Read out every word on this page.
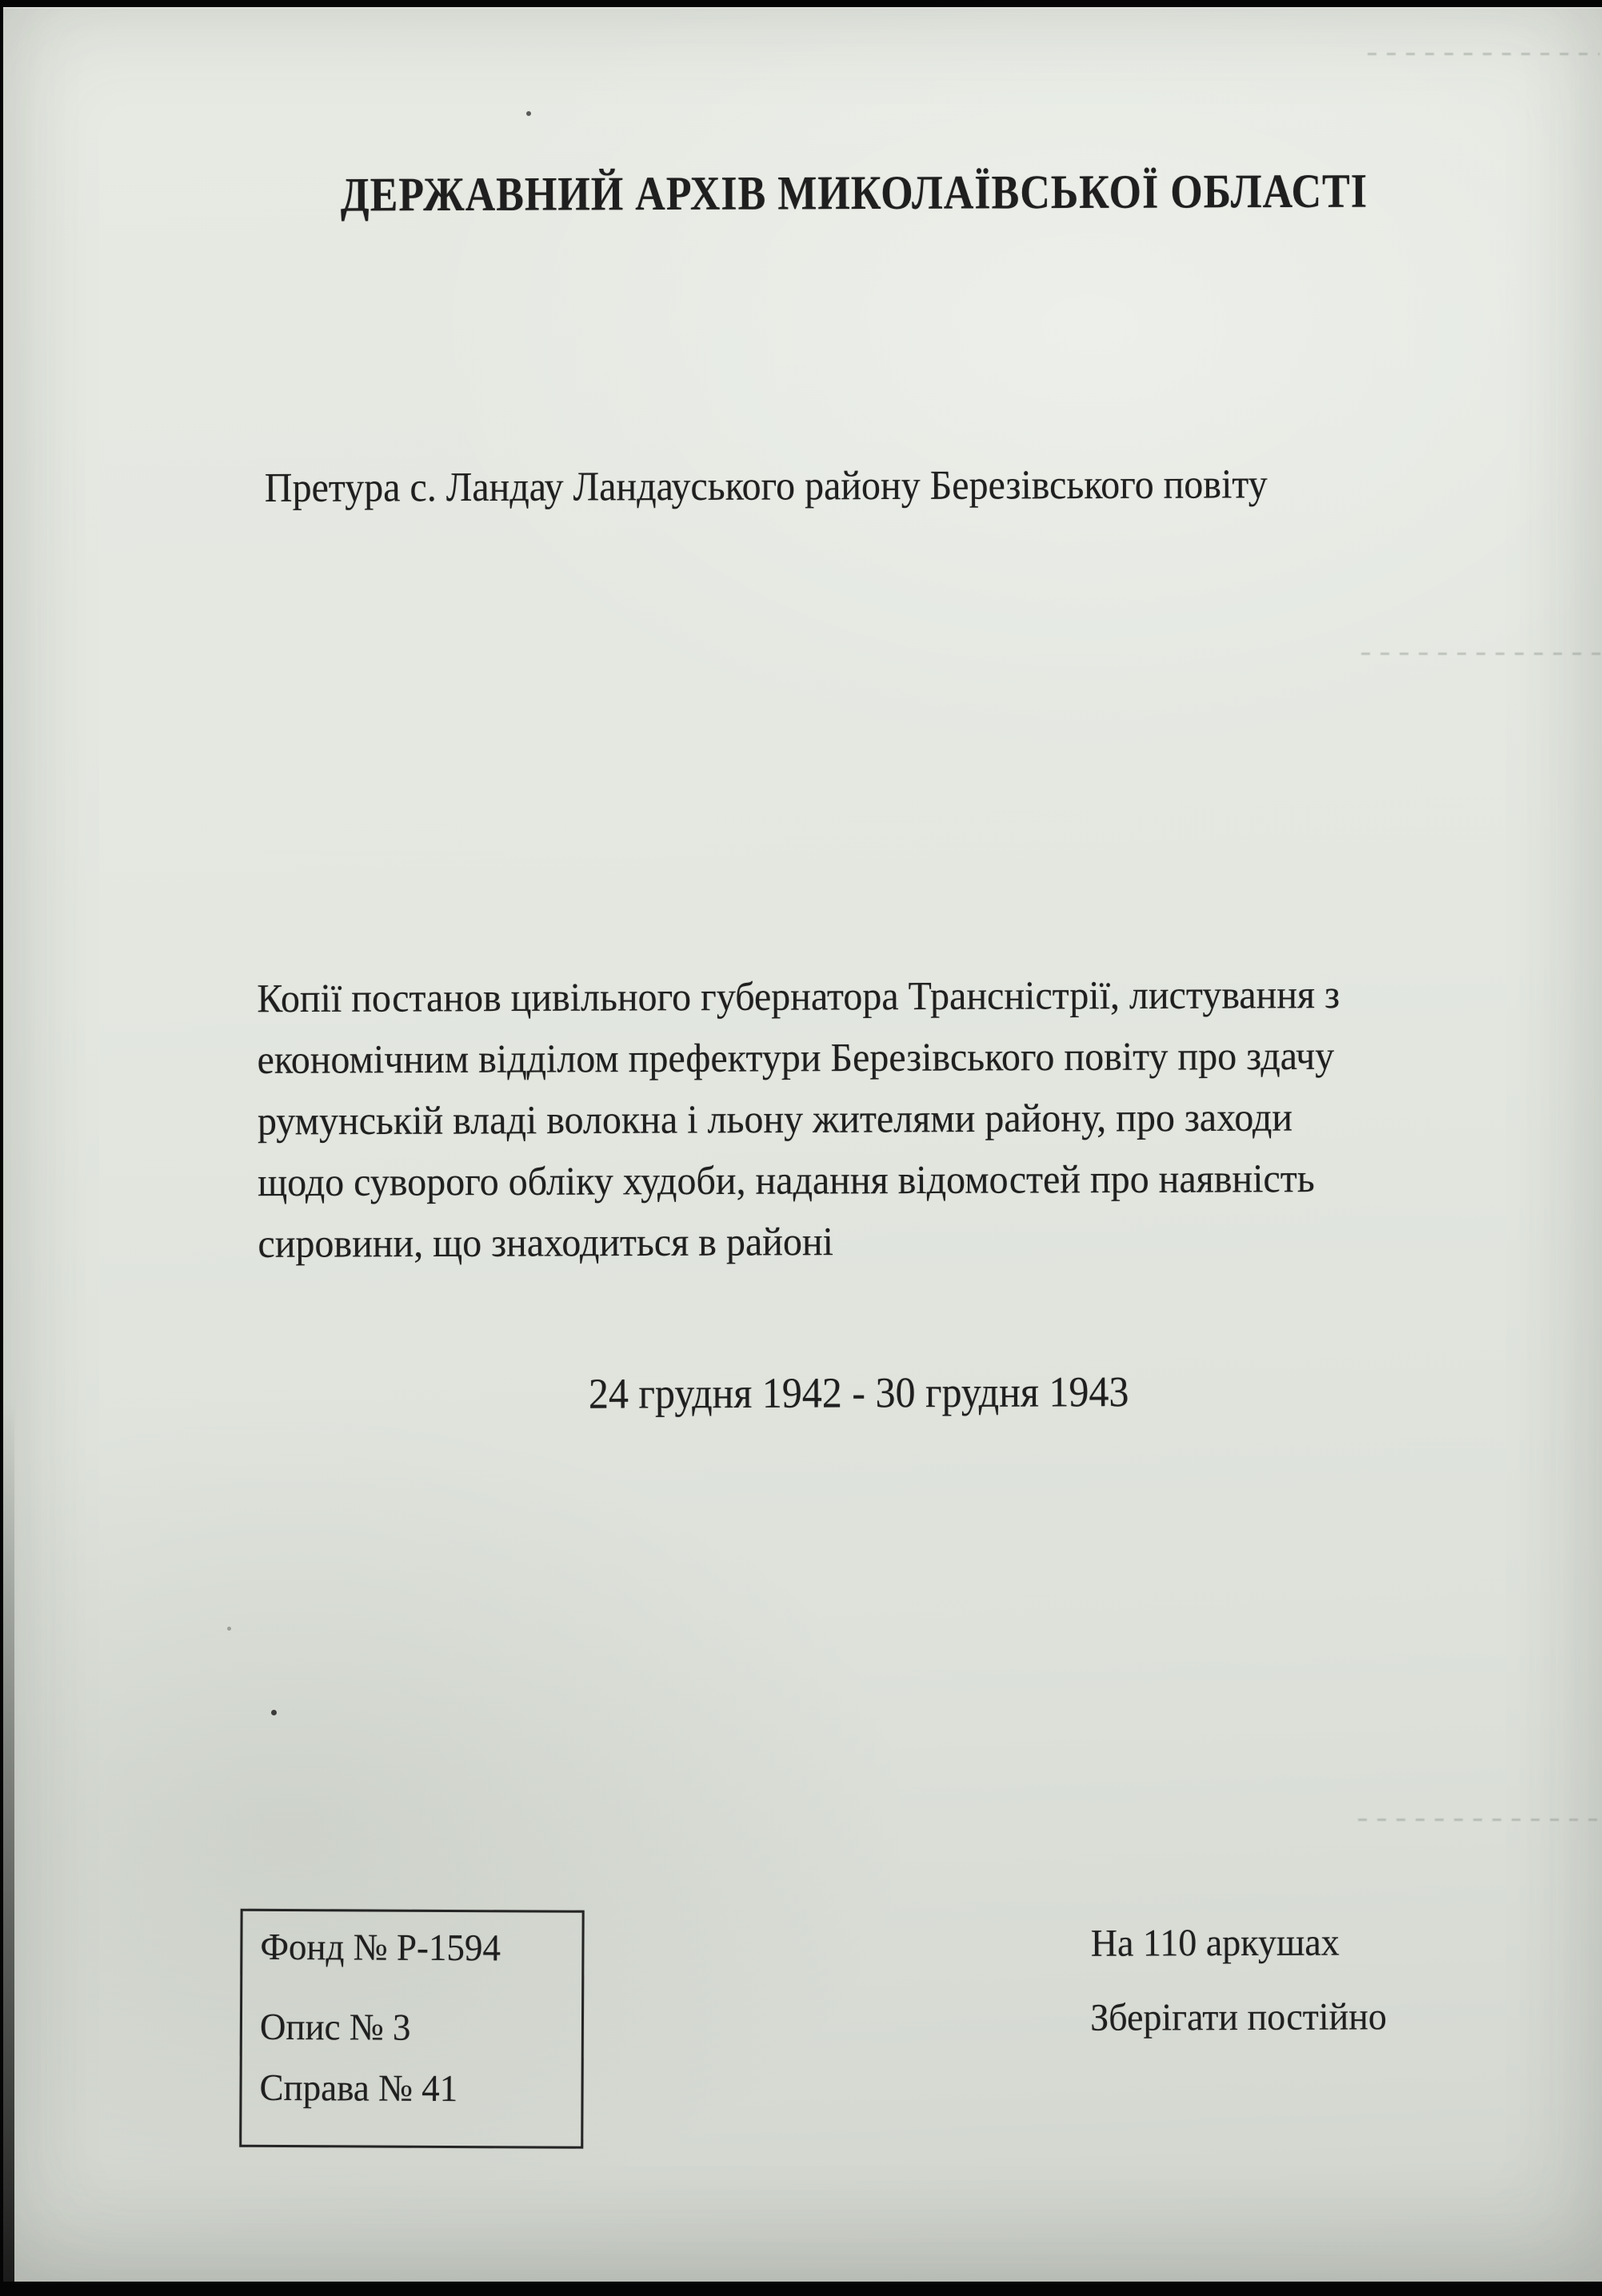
ДЕРЖАВНИЙ АРХІВ МИКОЛАЇВСЬКОЇ ОБЛАСТІ
Претура с. Ландау Ландауського району Березівського повіту
Копії постанов цивільного губернатора Трансністрії, листування з
економічним відділом префектури Березівського повіту про здачу
румунській владі волокна і льону жителями району, про заходи
щодо суворого обліку худоби, надання відомостей про наявність
сировини, що знаходиться в районі
24 грудня 1942 - 30 грудня 1943
Фонд № Р-1594
Опис № 3
Справа № 41
На 110 аркушах
Зберігати постійно
